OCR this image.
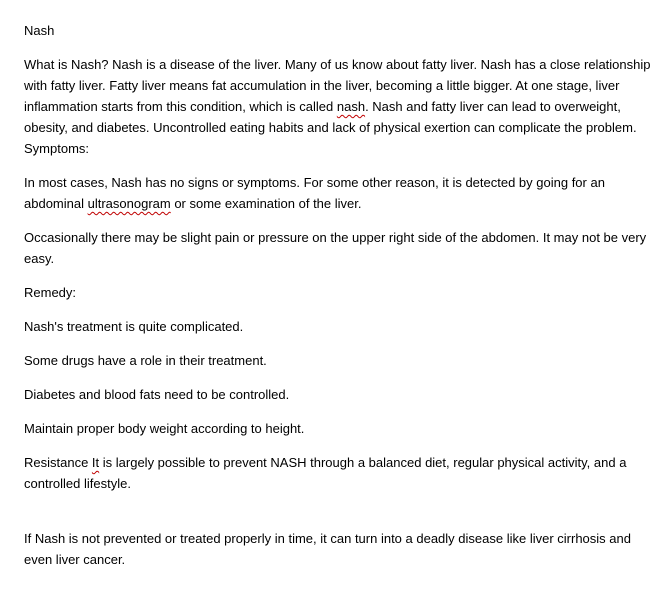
Nash

What is Nash? Nash is a disease of the liver. Many of us know about fatty liver. Nash has a close relationship with fatty liver. Fatty liver means fat accumulation in the liver, becoming a little bigger. At one stage, liver inflammation starts from this condition, which is called nash. Nash and fatty liver can lead to overweight, obesity, and diabetes. Uncontrolled eating habits and lack of physical exertion can complicate the problem. Symptoms:

In most cases, Nash has no signs or symptoms. For some other reason, it is detected by going for an abdominal ultrasonogram or some examination of the liver.

Occasionally there may be slight pain or pressure on the upper right side of the abdomen. It may not be very easy.

Remedy:

Nash's treatment is quite complicated.

Some drugs have a role in their treatment.

Diabetes and blood fats need to be controlled.

Maintain proper body weight according to height.

Resistance It is largely possible to prevent NASH through a balanced diet, regular physical activity, and a controlled lifestyle.

If Nash is not prevented or treated properly in time, it can turn into a deadly disease like liver cirrhosis and even liver cancer.
